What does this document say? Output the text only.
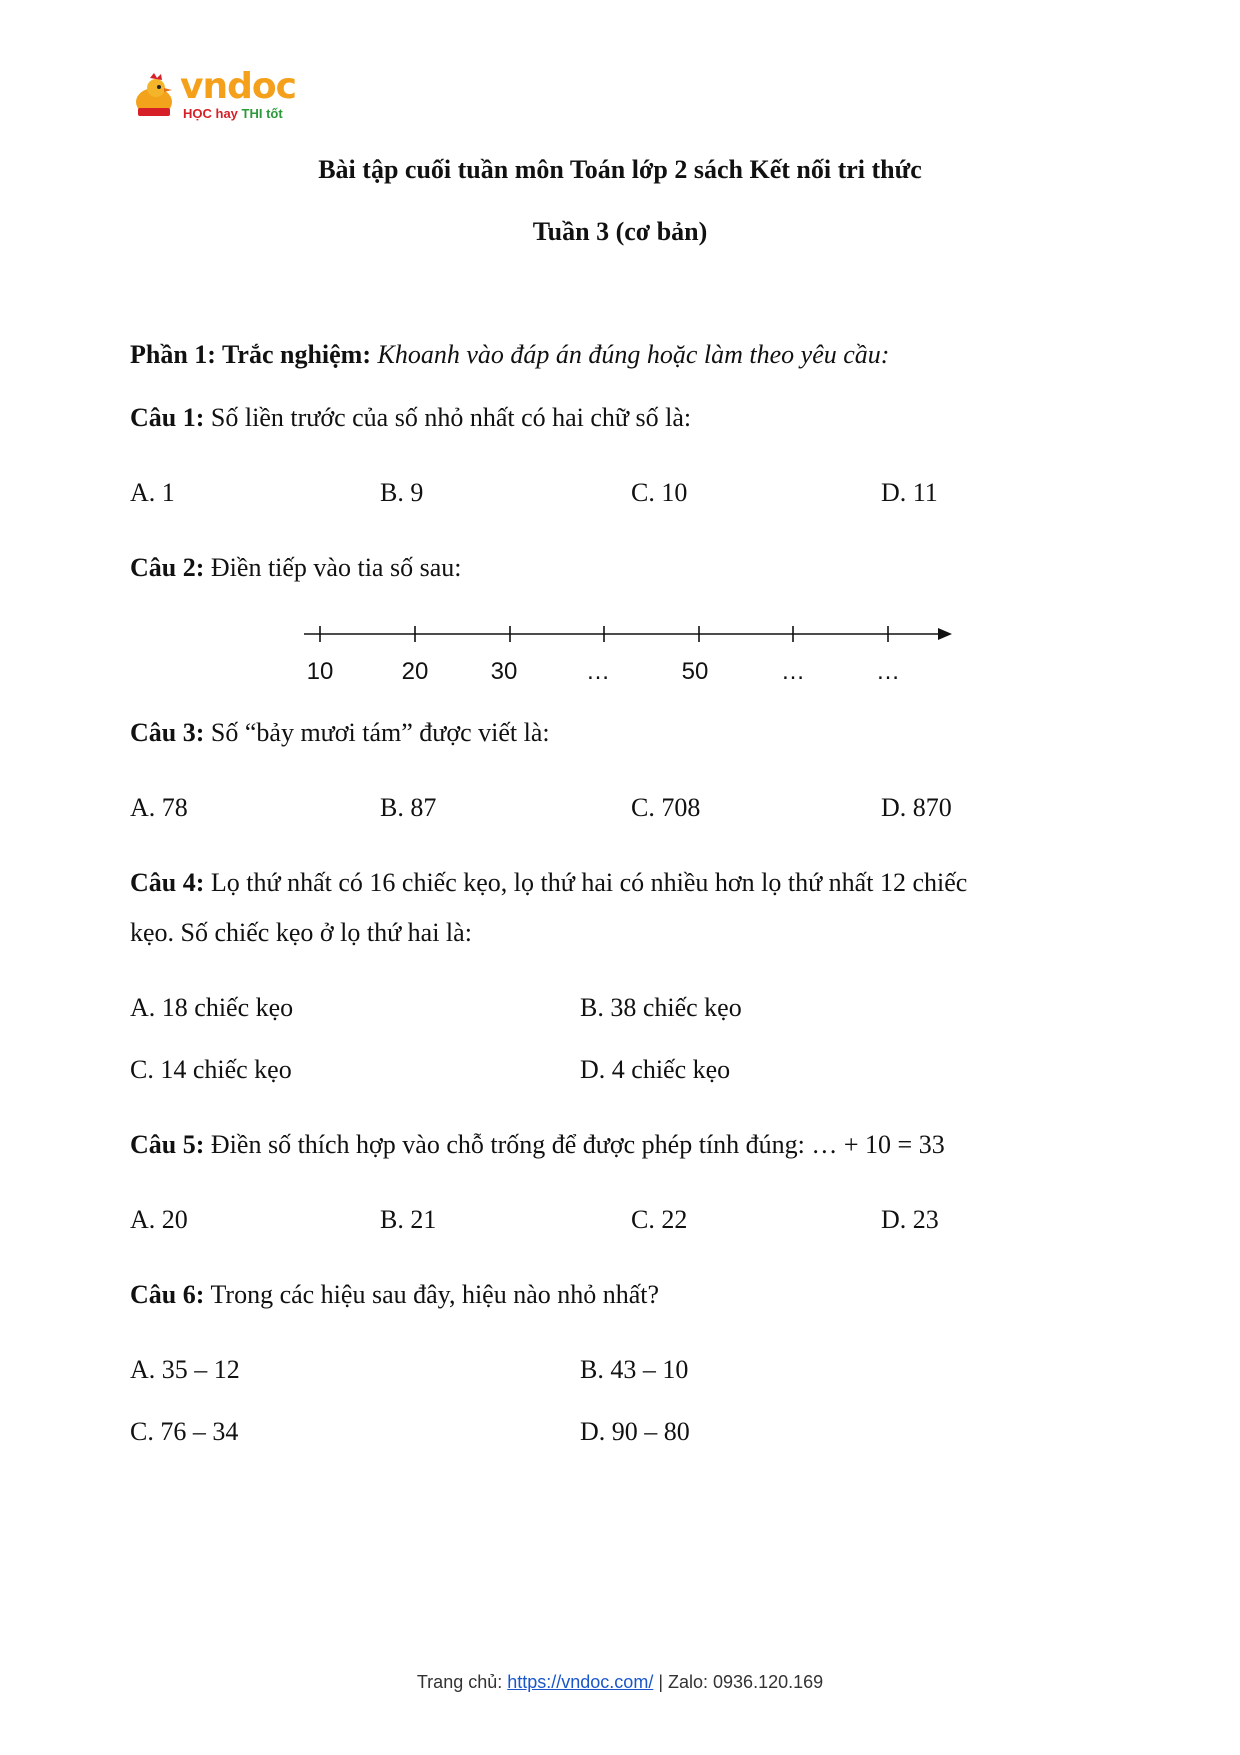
vndoc
HỌC hay THI tốt
Bài tập cuối tuần môn Toán lớp 2 sách Kết nối tri thức
Tuần 3 (cơ bản)
Phần 1: Trắc nghiệm: Khoanh vào đáp án đúng hoặc làm theo yêu cầu:
Câu 1: Số liền trước của số nhỏ nhất có hai chữ số là:
A. 1	B. 9	C. 10	D. 11
Câu 2: Điền tiếp vào tia số sau:
10	20	30	…	50	…	…
Câu 3: Số “bảy mươi tám” được viết là:
A. 78	B. 87	C. 708	D. 870
Câu 4: Lọ thứ nhất có 16 chiếc kẹo, lọ thứ hai có nhiều hơn lọ thứ nhất 12 chiếc
kẹo. Số chiếc kẹo ở lọ thứ hai là:
A. 18 chiếc kẹo	B. 38 chiếc kẹo
C. 14 chiếc kẹo	D. 4 chiếc kẹo
Câu 5: Điền số thích hợp vào chỗ trống để được phép tính đúng: … + 10 = 33
A. 20	B. 21	C. 22	D. 23
Câu 6: Trong các hiệu sau đây, hiệu nào nhỏ nhất?
A. 35 – 12	B. 43 – 10
C. 76 – 34	D. 90 – 80
Trang chủ: https://vndoc.com/ | Zalo: 0936.120.169
